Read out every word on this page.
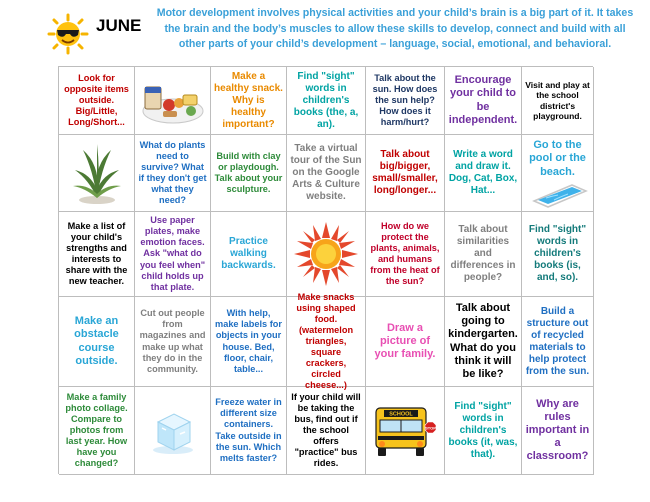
JUNE
Motor development involves physical activities and your child’s brain is a big part of it. It takes the brain and the body’s muscles to allow these skills to develop, connect and build with all other parts of your child’s development – language, social, emotional, and behavioral.
Look for opposite items outside. Big/Little, Long/Short...
Make a healthy snack. Why is healthy important?
Find "sight" words in children's books (the, a, an).
Talk about the sun. How does the sun help? How does it harm/hurt?
Encourage your child to be independent.
Visit and play at the school district's playground.
What do plants need to survive? What if they don't get what they need?
Build with clay or playdough. Talk about your sculpture.
Take a virtual tour of the Sun on the Google Arts & Culture website.
Talk about big/bigger, small/smaller, long/longer...
Write a word and draw it. Dog, Cat, Box, Hat...
Go to the pool or the beach.
Make a list of your child's strengths and interests to share with the new teacher.
Use paper plates, make emotion faces. Ask "what do you feel when" child holds up that plate.
Practice walking backwards.
How do we protect the plants, animals, and humans from the heat of the sun?
Talk about similarities and differences in people?
Find "sight" words in children's books (is, and, so).
Make an obstacle course outside.
Cut out people from magazines and make up what they do in the community.
With help, make labels for objects in your house. Bed, floor, chair, table...
Make snacks using shaped food. (watermelon triangles, square crackers, circled cheese...)
Draw a picture of your family.
Talk about going to kindergarten. What do you think it will be like?
Build a structure out of recycled materials to help protect from the sun.
Make a family photo collage. Compare to photos from last year. How have you changed?
Freeze water in different size containers. Take outside in the sun. Which melts faster?
If your child will be taking the bus, find out if the school offers "practice" bus rides.
SCHOOL
STOP
Find "sight" words in children's books (it, was, that).
Why are rules important in a classroom?
